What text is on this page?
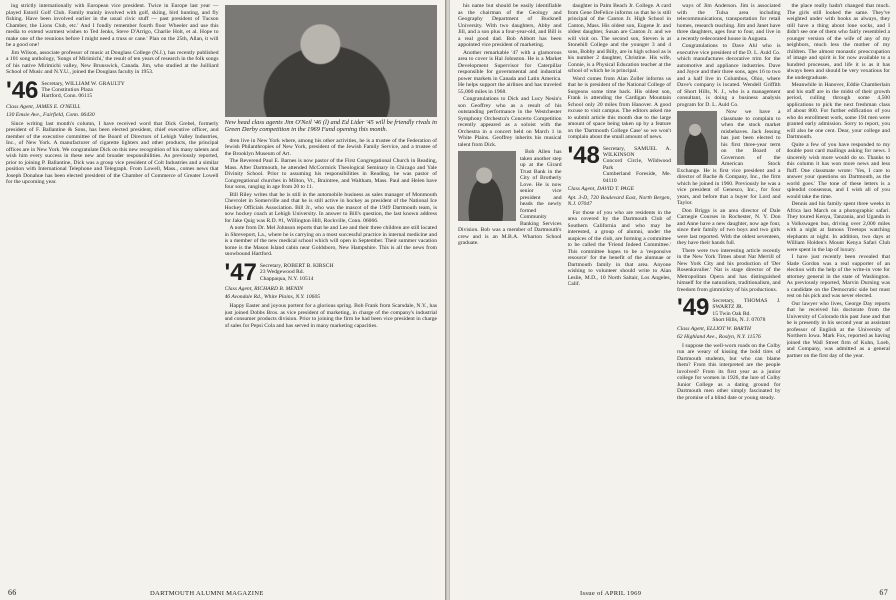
ing strictly internationally with European vice president. Twice in Europe last year — played Estoril Golf Club. Family mainly involved with golf, skiing, bird hunting, and fly fishing. Have been involved earlier in the usual civic stuff — past president of Tucson Chamber, the Lions Club, etc.' And I fondly remember fourth floor Wheeler and use this media to extend warmest wishes to Ted Jenks, Steve D'Arrigo, Charlie Holt, et al. Hope to make one of the reunions before I might need a truss or cane.' Plan on the 25th, Allan, it will be a good one!

Jim Wilson, associate professor of music at Douglass College (N.J.), has recently published a 101 song anthology, 'Songs of Mirimichi,' the result of ten years of research in the folk songs of his native Mirimichi valley, New Brunswick, Canada. Jim, who studied at the Juilliard School of Music and N.Y.U., joined the Douglass faculty in 1953.

'46 Secretary, WILLIAM W. GRAULTY
The Constitution Plaza
Hartford, Conn. 06115
Class Agent, JAMES E. O'NEILL
130 Emsie Ave., Fairfield, Conn. 06430

Since writing last month's column, I have received word that Dick Grebel, formerly president of F. Ballantine & Sons, has been elected president, chief executive officer, and member of the executive committee of the Board of Directors of Lehigh Valley Industries, Inc., of New York. A manufacturer of cigarette lighters and other products, the principal offices are in New York. We congratulate Dick on this new recognition of his many talents and wish him every success in these new and broader responsibilities. As previously reported, prior to joining P. Ballantine, Dick was a group vice president of Colt Industries and a similar position with International Telephone and Telegraph. From Lowell, Mass., comes news that Joseph Donahue has been elected president of the Chamber of Commerce of Greater Lowell for the upcoming year.

New head class agents Jim O'Neil '46 (l) and Ed Lider '45 will be friendly rivals in Green Derby competition in the 1969 Fund opening this month.

dren live in New York where, among his other activities, he is a trustee of the Federation of Jewish Philanthropies of New York, president of the Jewish Family Service, and a trustee of the Brooklyn Museum of Art.

The Reverend Paul E. Barnes is now pastor of the First Congregational Church in Reading, Mass. After Dartmouth, he attended McCormick Theological Seminary in Chicago and Yale Divinity School. Prior to assuming his responsibilities in Reading, he was pastor of Congregational churches in Milton, Vt., Braintree, and Waltham, Mass. Paul and Helen have four sons, ranging in age from 20 to 11.

Bill Riley writes that he is still in the automobile business as sales manager of Monmouth Chevrolet in Somerville and that he is still active in hockey as president of the National Ice Hockey Officials Association. Bill Jr., who was the mascot of the 1949 Dartmouth team, is now hockey coach at Lehigh University. In answer to Bill's question, the last known address for Jake Quig was R.D. #1, Willington Hill, Rockville, Conn. 06066.

A note from Dr. Mel Johnson reports that he and Lee and their three children are still located in Shreveport, La., where he is carrying on a most successful practice in internal medicine and is a member of the new medical school which will open in September. Their summer vacation home is the Mason Island cabin near Goldsboro, New Hampshire. This is all the news from snowbound Hartford.

'47 Secretary, ROBERT B. KIRSCH
23 Wedgewood Rd.
Chappaqua, N.Y. 10514
Class Agent, RICHARD B. MENIN
46 Avondale Rd., White Plains, N.Y. 10605

Happy Easter and joyous portent for a glorious spring. Bob Frank from Scarsdale, N.Y., has just joined Dobbs Bros. as vice president of marketing, in charge of the company's industrial and consumer products division. Prior to joining the firm he had been vice president in charge of sales for Pepsi Cola and has served in many marketing capacities.

66	DARTMOUTH ALUMNI MAGAZINE

his name but should be easily identifiable as the chairman of the Geology and Geography Department of Bucknell University. With two daughters, Abby and Jill, and a son plus a four-year-old, and Bill is a real good dad. Bob Abbott has been appointed vice president of marketing.

Another remarkable '47 with a glamorous area to cover is Hal Johnston. He is a Market Development Supervisor for Caterpillar responsible for governmental and industrial power markets in Canada and Latin America. He helps support the airlines and has traveled 55,000 miles in 1968.

Congratulations to Dick and Lucy Nesin's son Geoffrey who as a result of his outstanding performance in the Westchester Symphony Orchestra's Concerto Competition recently appeared as a soloist with the Orchestra in a concert held on March 1 in White Plains. Geoffrey inherits his musical talent from Dick.

Bob Allen has taken another step up at the Girard Trust Bank in the City of Brotherly Love. He is now senior vice president and heads the newly formed Community Banking Services Division. Bob was a member of Dartmouth's crew and is an M.B.A. Wharton School graduate.

daughter in Palm Beach Jr. College. A card from Gene DeFelice informs us that he is still principal of the Canton Jr. High School in Canton, Mass. His oldest son, Eugene Jr. and oldest daughter, Susan are Canton Jr. and we will visit on. The second son, Steven is at Stonehill College and the younger 3 and 4 sons, Bobby and Billy, are in high school as is his number 2 daughter, Christine. His wife, Connie, is a Physical Education teacher at the school of which he is principal.

Word comes from Alan Zoller informs us that he is president of the National College of Surgeons some time back. His oldest son, Frank is attending the Cardigan Mountain School only 20 miles from Hanover. A good excuse to visit campus. The editors asked me to submit article this month due to the large amount of space being taken up by a feature on the 'Dartmouth College Case' so we won't complain about the small amount of news.

'48 Secretary, SAMUEL A. WILKINSON
Concord Circle, Wildwood Park
Cumberland Foreside, Me. 04110
Class Agent, DAVID T. PAGE
Apt. 3-D, 720 Boulevard East, North Bergen, N.J. 07047

For those of you who are residents in the area covered by the Dartmouth Club of Southern California and who may be interested, a group of alumni, under the auspices of the club, are forming a committee to be called the 'Friend Indeed Committee.' This committee hopes to be a 'responsive resource' for the benefit of the alumnae or Dartmouth family in that area. Anyone wishing to volunteer should write to Alan Leslie, M.D., 10 North Saltair, Los Angeles, Calif.

ways of Jim Anderson. Jim is associated with the Tulsa area including telecommunications, transportation for retail homes, research teaching. Jim and Janet have three daughters, ages four to four, and live in a recently redecorated house in Augusta.

Congratulations to Dave Ahl who is executive vice president of the D. L. Auld Co. which manufactures decorative trim for the automotive and appliance industries. Dave and Joyce and their three sons, ages 16 to two and a half live in Columbus, Ohio, where Dave's company is located. Wendell Griffith of Short Hills, N. J., who is a management consultant, is doing a business analysis program for D. L. Auld Co.

Now we have a classmate to complain to when the stock market misbehaves. Jack Jessing has just been elected to his first three-year term on the Board of Governors of the American Stock Exchange. He is first vice president and a director of Bache & Company, Inc., the firm which he joined in 1960. Previously he was a vice president of Genesco, Inc., for four years, and before that a buyer for Lord and Taylor.

Don Briggs is an area director of Dale Carnegie Courses in Rochester, N. Y. Don and Anne have a new daughter, now age four, since their family of two boys and two girls were last reported. With the oldest seventeen, they have their hands full.

There were two interesting article recently in the New York Times about Nat Merrill of New York City and his production of 'Der Rosenkavalier.' Nat is stage director of the Metropolitan Opera and has distinguished himself for the naturalism, traditionalism, and freedom from gimmickry of his productions.

'49 Secretary, THOMAS J. SWARTZ JR.
15 Twin Oak Rd.
Short Hills, N. J. 07078
Class Agent, ELLIOT W. BARTH
62 Highland Ave., Roslyn, N.Y. 11576

I suppose the well-worn roads on the Colby run are weary of kissing the bold tires of Dartmouth students, but who can blame them? From this interpreted are the people involved? From its first year as a junior college for women in 1926, the lure of Colby Junior College as a dating ground for Dartmouth men other simply fascinated by the promise of a blind date or young steady.

the place really hadn't changed that much. The girls still looked the same. They've weighted under with books as always, they still have a thing about lone socks, and I didn't see one of them who fairly resembled a younger version of the wife of any of my neighbors, much less the mother of my children. The almost monastic preoccupation of image and spirit is for now available to a hundred processes, and life it is as it has always been and should be very vexatious for the undergraduate.

Meanwhile in Hanover, Eddie Chamberlain and his staff are in the midst of their growth period, culling through some 4,500 applications to pick the next freshman class of about 800. For further edification of you who do enrollment work, some 194 men were granted early admission. Sorry to report, you will also be one cent. Dear, your college and Dartmouth.

Quite a few of you have responded to my double post card mailings asking for news. I sincerely wish more would do so. Thanks to this column it has won more news and less fluff. One classmate wrote: 'Yes, I care to answer your questions on Dartmouth, as the world goes.' The tone of these letters is a splendid consensus, and I wish all of you would take the time.

Dennis and his family spent three weeks in Africa last March on a photographic safari. They toured Kenya, Tanzania, and Uganda in a Volkswagen bus, driving over 2,000 miles with a night at famous Treetops watching elephants at night. In addition, two days at William Holden's Mount Kenya Safari Club were spent in the lap of luxury.

I have just recently been revealed that Slade Gordon was a real supporter of an election with the help of the write-in vote for attorney general in the state of Washington. As previously reported, Marvin Durning was a candidate on the Democratic side but must rest on his pick and was never elected.

Our lawyer who lives, George Day reports that he received his doctorate from the University of Colorado this past June and that he is presently in his second year as assistant professor of English at the University of Northern Iowa. Mark Fox, reported as having joined the Wall Street firm of Kuhn, Loeb, and Company, was admitted as a general partner on the first day of the year.

Issue of APRIL 1969	67
